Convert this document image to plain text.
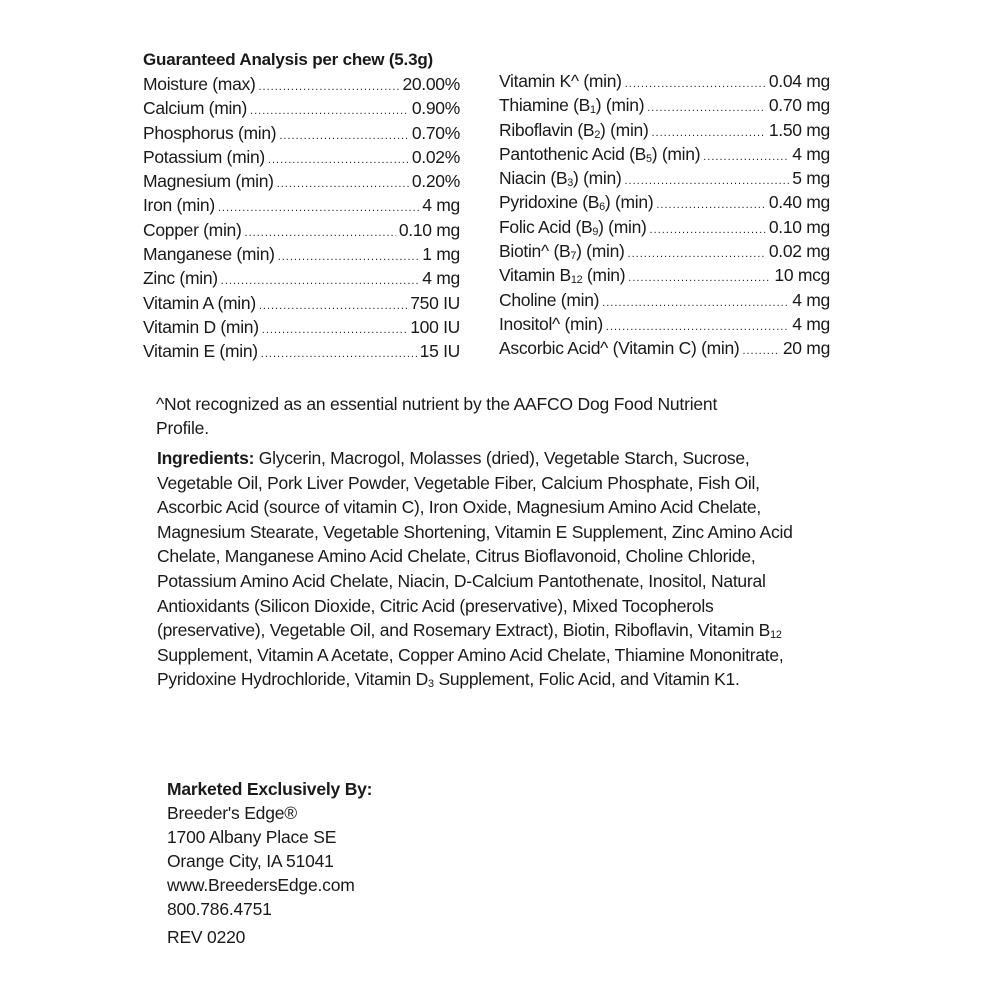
Guaranteed Analysis per chew (5.3g)
Moisture (max) .....	20.00%
Calcium (min) .....	0.90%
Phosphorus (min) .....	0.70%
Potassium (min) .....	0.02%
Magnesium (min) .....	0.20%
Iron (min) .....	4 mg
Copper (min) .....	0.10 mg
Manganese (min) .....	1 mg
Zinc (min) .....	4 mg
Vitamin A (min) .....	750 IU
Vitamin D (min) .....	100 IU
Vitamin E (min) .....	15 IU
Vitamin K^ (min) .....	0.04 mg
Thiamine $(B_1)$ (min) .....	0.70 mg
Riboflavin $(B_2)$ (min) .....	1.50 mg
Pantothenic Acid $(B_5)$ (min) .....	4 mg
Niacin $(B_3)$ (min) .....	5 mg
Pyridoxine $(B_6)$ (min) .....	0.40 mg
Folic Acid $(B_9)$ (min) .....	0.10 mg
Biotin^ $(B_7)$ (min) .....	0.02 mg
Vitamin $B_{12}$ (min) .....	10 mcg
Choline (min) .....	4 mg
Inositol^ (min) .....	4 mg
Ascorbic Acid^ (Vitamin C) (min) ..... 20 mg

^Not recognized as an essential nutrient by the AAFCO Dog Food Nutrient Profile.

Ingredients: Glycerin, Macrogol, Molasses (dried), Vegetable Starch, Sucrose, Vegetable Oil, Pork Liver Powder, Vegetable Fiber, Calcium Phosphate, Fish Oil, Ascorbic Acid (source of vitamin C), Iron Oxide, Magnesium Amino Acid Chelate, Magnesium Stearate, Vegetable Shortening, Vitamin E Supplement, Zinc Amino Acid Chelate, Manganese Amino Acid Chelate, Citrus Bioflavonoid, Choline Chloride, Potassium Amino Acid Chelate, Niacin, D-Calcium Pantothenate, Inositol, Natural Antioxidants (Silicon Dioxide, Citric Acid (preservative), Mixed Tocopherols (preservative), Vegetable Oil, and Rosemary Extract), Biotin, Riboflavin, Vitamin $B_{12}$ Supplement, Vitamin A Acetate, Copper Amino Acid Chelate, Thiamine Mononitrate, Pyridoxine Hydrochloride, Vitamin $D_3$ Supplement, Folic Acid, and Vitamin K1.

Marketed Exclusively By:
Breeder's Edge®
1700 Albany Place SE
Orange City, IA 51041
www.BreedersEdge.com
800.786.4751
REV 0220
